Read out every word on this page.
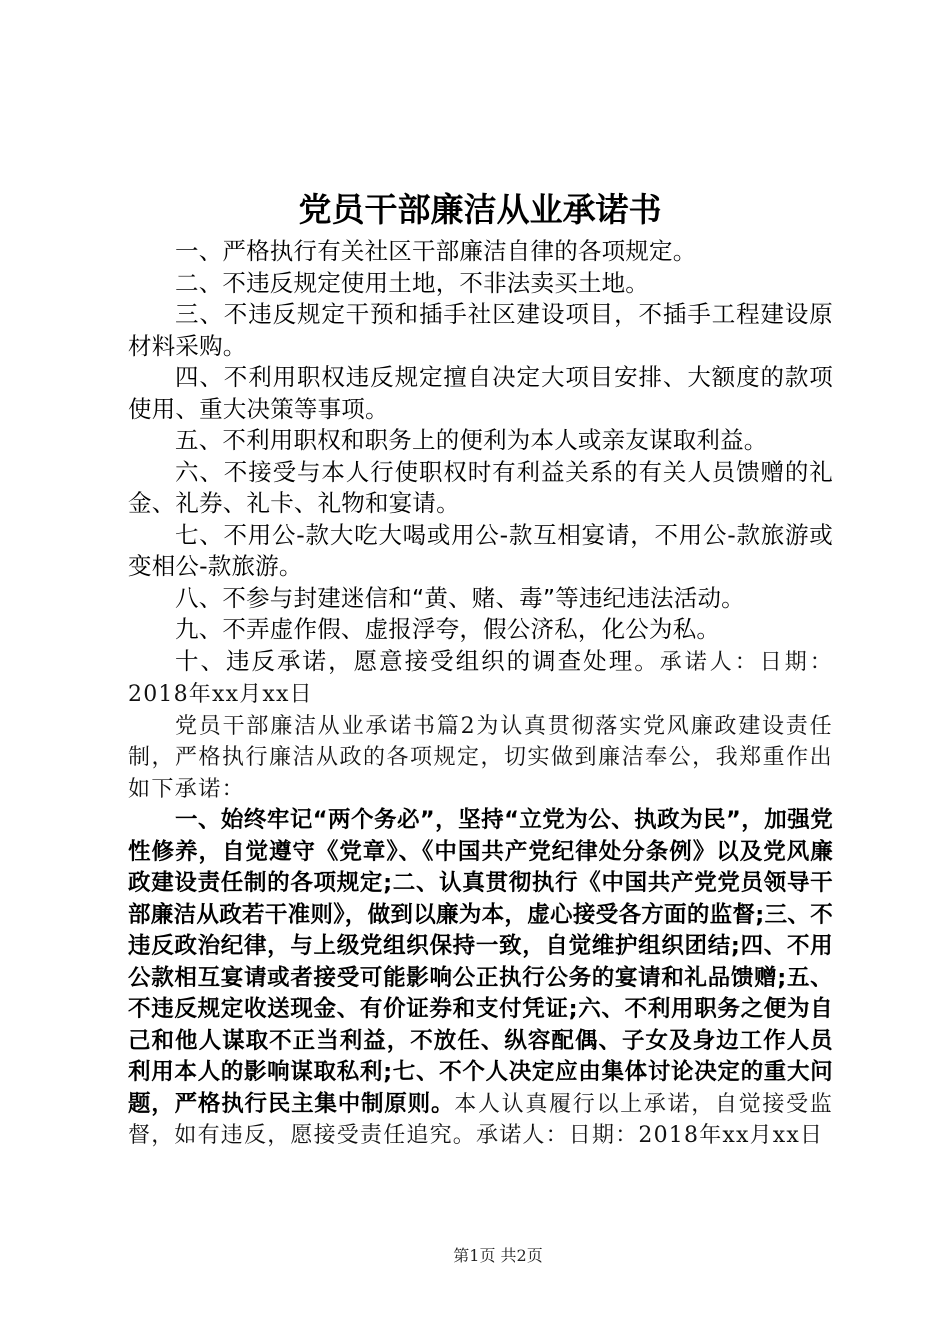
党员干部廉洁从业承诺书

一、严格执行有关社区干部廉洁自律的各项规定。

二、不违反规定使用土地，不非法卖买土地。

三、不违反规定干预和插手社区建设项目，不插手工程建设原材料采购。

四、不利用职权违反规定擅自决定大项目安排、大额度的款项使用、重大决策等事项。

五、不利用职权和职务上的便利为本人或亲友谋取利益。

六、不接受与本人行使职权时有利益关系的有关人员馈赠的礼金、礼券、礼卡、礼物和宴请。

七、不用公-款大吃大喝或用公-款互相宴请，不用公-款旅游或变相公-款旅游。

八、不参与封建迷信和“黄、赌、毒”等违纪违法活动。

九、不弄虚作假、虚报浮夸，假公济私，化公为私。

十、违反承诺，愿意接受组织的调查处理。承诺人：日期：2018年xx月xx日

党员干部廉洁从业承诺书篇2为认真贯彻落实党风廉政建设责任制，严格执行廉洁从政的各项规定，切实做到廉洁奉公，我郑重作出如下承诺：

一、始终牢记“两个务必”，坚持“立党为公、执政为民”，加强党性修养，自觉遵守《党章》、《中国共产党纪律处分条例》以及党风廉政建设责任制的各项规定;二、认真贯彻执行《中国共产党党员领导干部廉洁从政若干准则》，做到以廉为本，虚心接受各方面的监督;三、不违反政治纪律，与上级党组织保持一致，自觉维护组织团结;四、不用公款相互宴请或者接受可能影响公正执行公务的宴请和礼品馈赠;五、不违反规定收送现金、有价证券和支付凭证;六、不利用职务之便为自己和他人谋取不正当利益，不放任、纵容配偶、子女及身边工作人员利用本人的影响谋取私利;七、不个人决定应由集体讨论决定的重大问题，严格执行民主集中制原则。本人认真履行以上承诺，自觉接受监督，如有违反，愿接受责任追究。承诺人：日期：2018年xx月xx日

第1页 共2页
